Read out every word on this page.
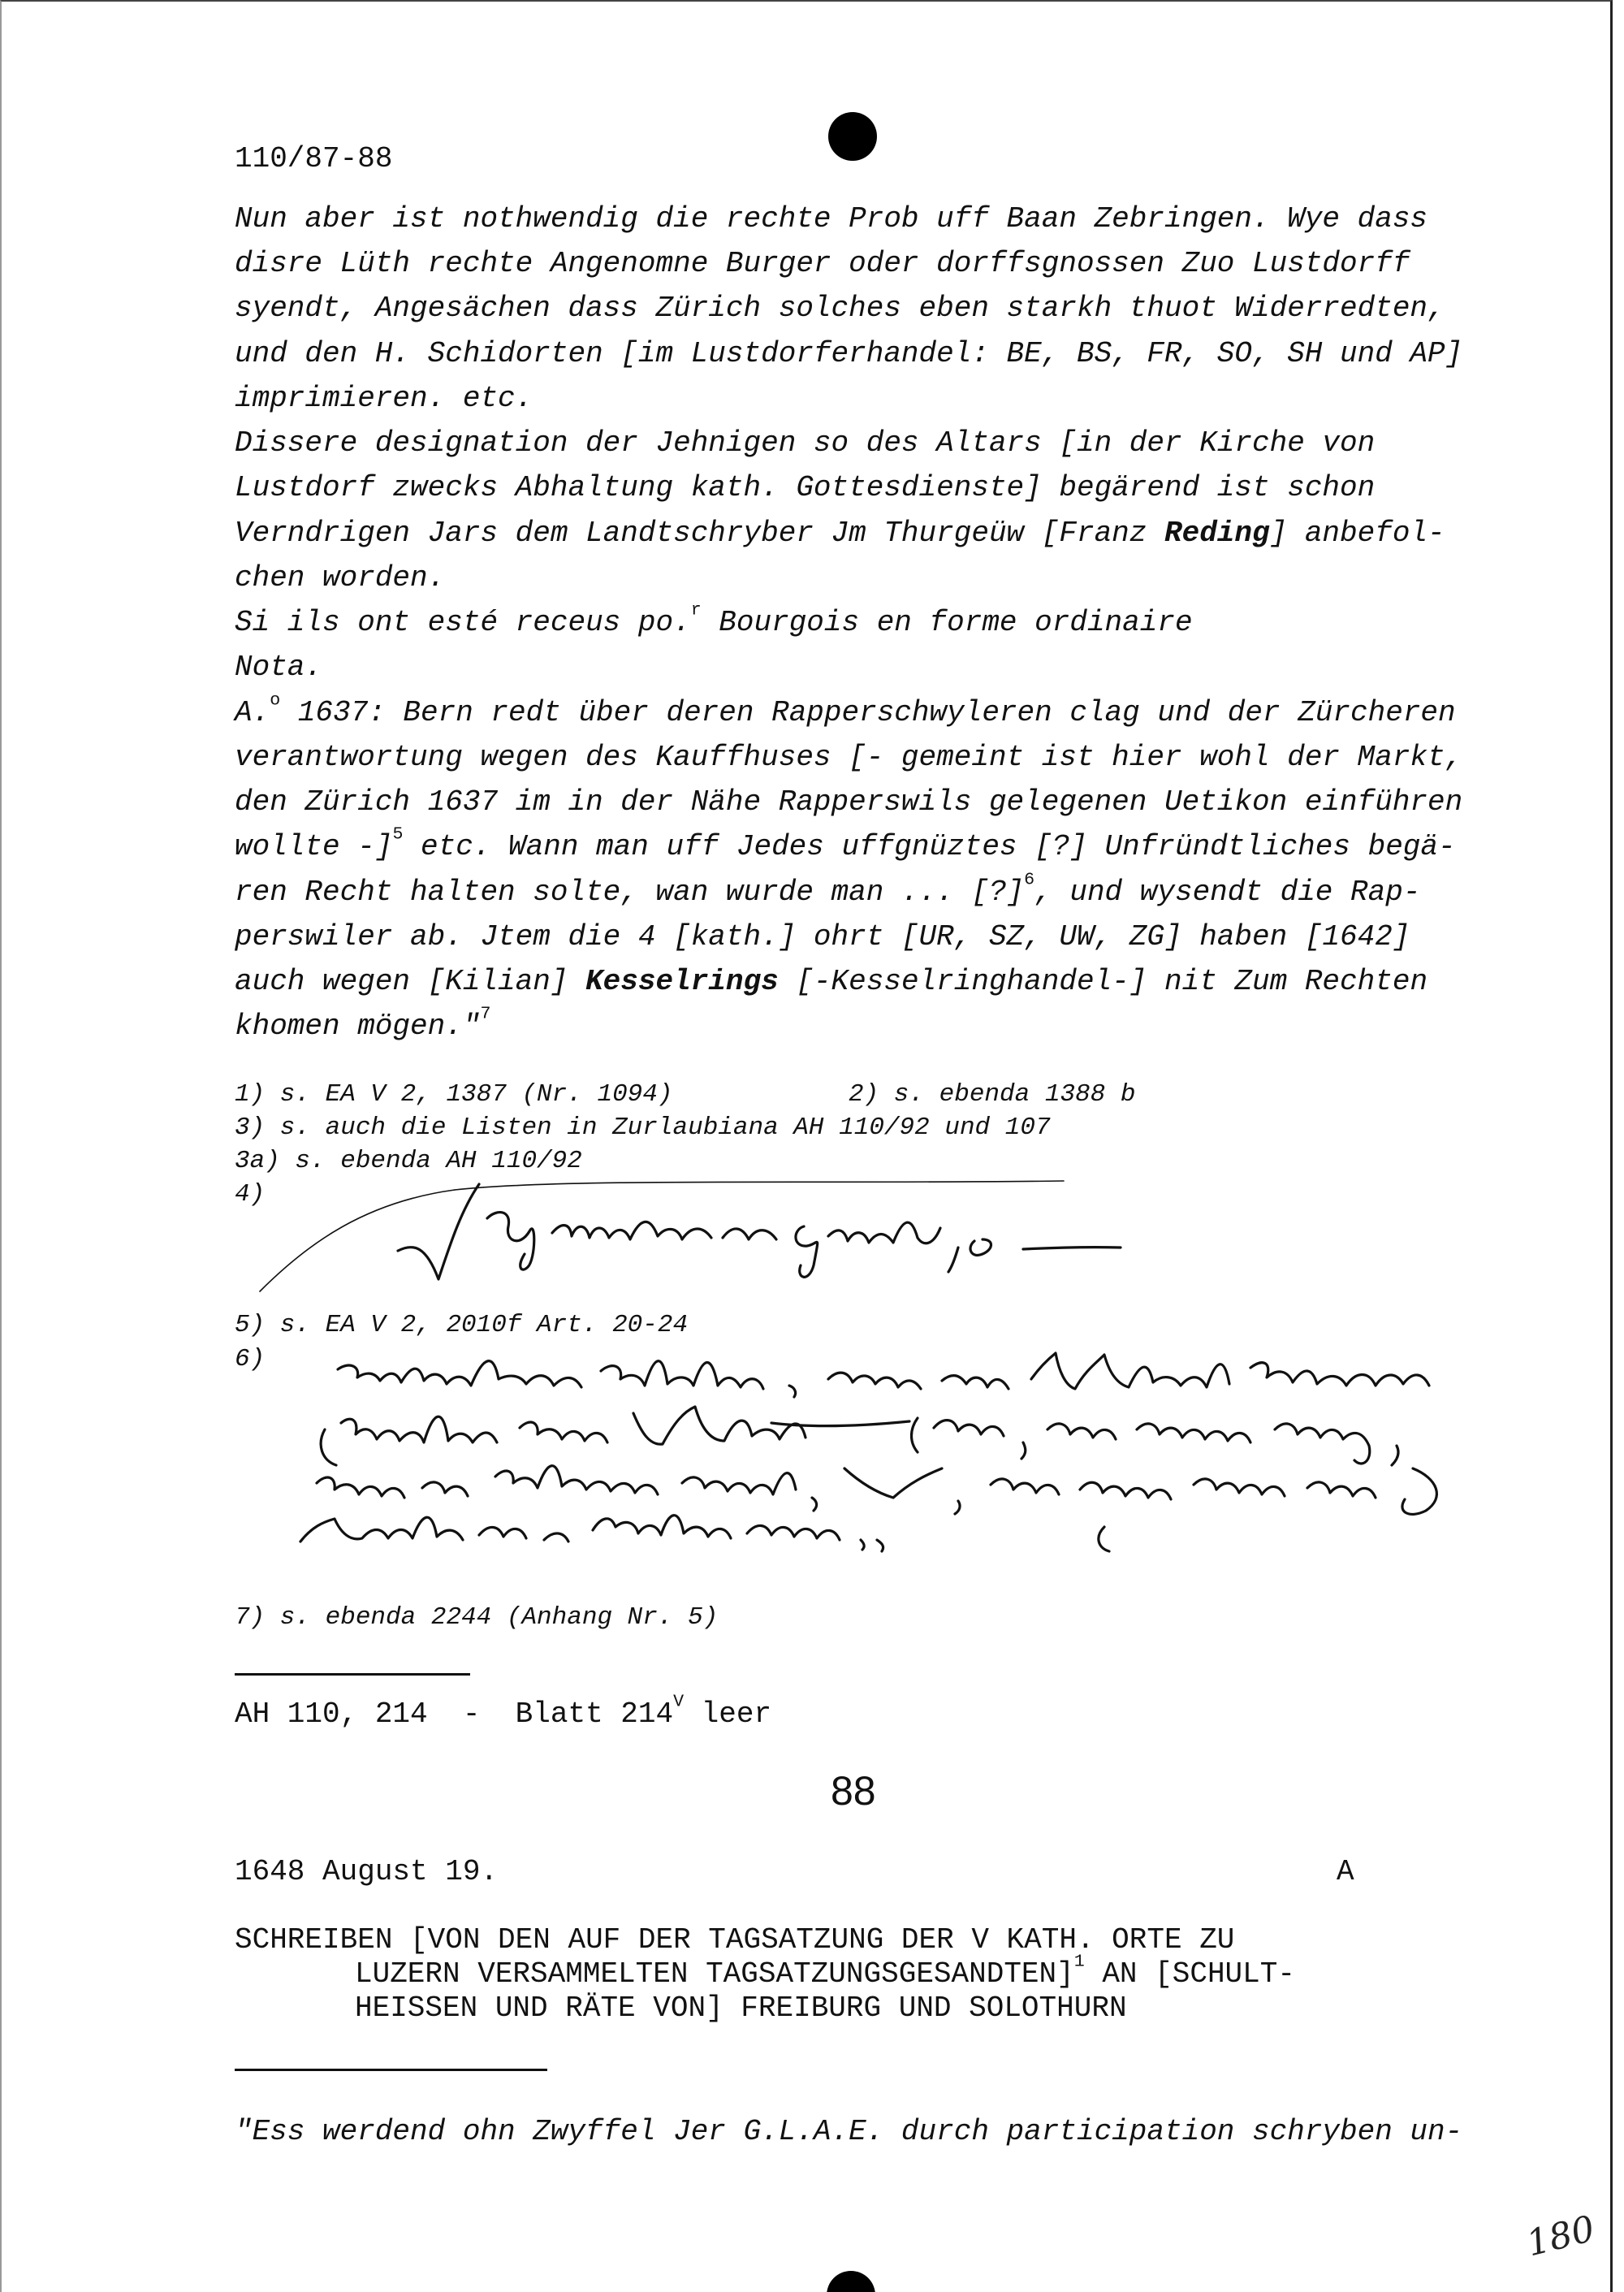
110/87-88
Nun aber ist nothwendig die rechte Prob uff Baan Zebringen. Wye dass
disre Lüth rechte Angenomne Burger oder dorffsgnossen Zuo Lustdorff
syendt, Angesächen dass Zürich solches eben starkh thuot Widerredten,
und den H. Schidorten [im Lustdorferhandel: BE, BS, FR, SO, SH und AP]
imprimieren. etc.
Dissere designation der Jehnigen so des Altars [in der Kirche von
Lustdorf zwecks Abhaltung kath. Gottesdienste] begärend ist schon
Verndrigen Jars dem Landtschryber Jm Thurgeüw [Franz Reding] anbefol-
chen worden.
Si ils ont esté receus po.$^r$ Bourgois en forme ordinaire
Nota.
A.$^o$ 1637: Bern redt über deren Rapperschwyleren clag und der Zürcheren
verantwortung wegen des Kauffhuses [- gemeint ist hier wohl der Markt,
den Zürich 1637 im in der Nähe Rapperswils gelegenen Uetikon einführen
wollte -]$^5$ etc. Wann man uff Jedes uffgnüztes [?] Unfründtliches begä-
ren Recht halten solte, wan wurde man ... [?]$^6$, und wysendt die Rap-
perswiler ab. Jtem die 4 [kath.] ohrt [UR, SZ, UW, ZG] haben [1642]
auch wegen [Kilian] Kesselrings [-Kesselringhandel-] nit Zum Rechten
khomen mögen."$^7$
1) s. EA V 2, 1387 (Nr. 1094)	2) s. ebenda 1388 b
3) s. auch die Listen in Zurlaubiana AH 110/92 und 107
3a) s. ebenda AH 110/92
4)
5) s. EA V 2, 2010f Art. 20-24
6)
7) s. ebenda 2244 (Anhang Nr. 5)
AH 110, 214  -  Blatt $214^V$ leer
88
1648 August 19.	A
SCHREIBEN [VON DEN AUF DER TAGSATZUNG DER V KATH. ORTE ZU
LUZERN VERSAMMELTEN TAGSATZUNGSGESANDTEN]$^1$ AN [SCHULT-
HEISSEN UND RÄTE VON] FREIBURG UND SOLOTHURN
"Ess werdend ohn Zwyffel Jer G.L.A.E. durch participation schryben un-
180
